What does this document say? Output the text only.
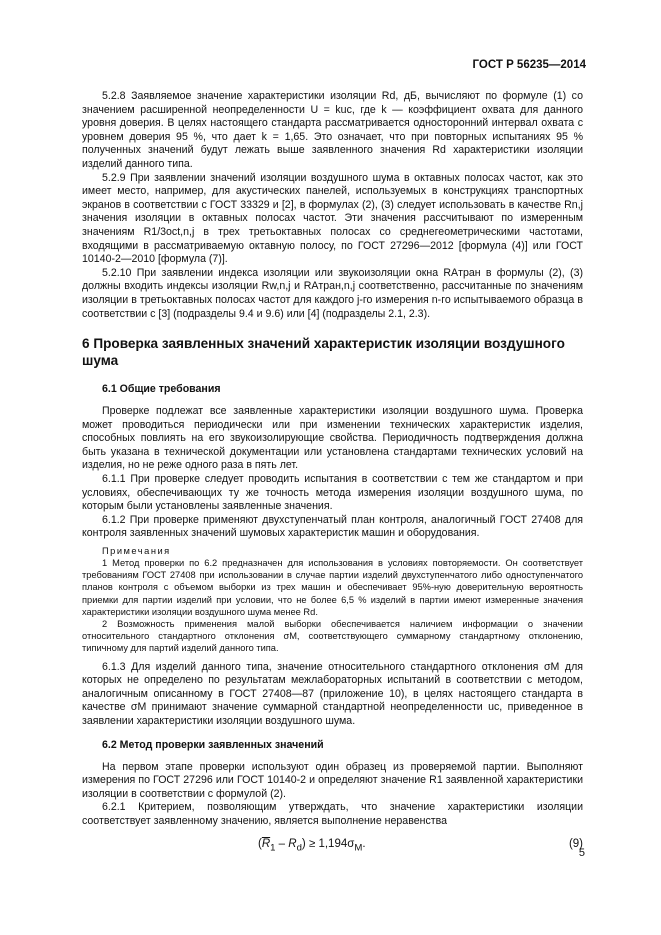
ГОСТ Р 56235—2014

5.2.8 Заявляемое значение характеристики изоляции Rd, дБ, вычисляют по формуле (1) со значением расширенной неопределенности U = kuc, где k — коэффициент охвата для данного уровня доверия. В целях настоящего стандарта рассматривается односторонний интервал охвата с уровнем доверия 95 %, что дает k = 1,65. Это означает, что при повторных испытаниях 95 % полученных значений будут лежать выше заявленного значения Rd характеристики изоляции изделий данного типа.

5.2.9 При заявлении значений изоляции воздушного шума в октавных полосах частот, как это имеет место, например, для акустических панелей, используемых в конструкциях транспортных экранов в соответствии с ГОСТ 33329 и [2], в формулах (2), (3) следует использовать в качестве Rn,j значения изоляции в октавных полосах частот. Эти значения рассчитывают по измеренным значениям R1/3oct,n,j в трех третьоктавных полосах со среднегеометрическими частотами, входящими в рассматриваемую октавную полосу, по ГОСТ 27296—2012 [формула (4)] или ГОСТ 10140-2—2010 [формула (7)].

5.2.10 При заявлении индекса изоляции или звукоизоляции окна RAтран в формулы (2), (3) должны входить индексы изоляции Rw,n,j и RAтран,n,j соответственно, рассчитанные по значениям изоляции в третьоктавных полосах частот для каждого j-го измерения n-го испытываемого образца в соответствии с [3] (подразделы 9.4 и 9.6) или [4] (подразделы 2.1, 2.3).

6 Проверка заявленных значений характеристик изоляции воздушного шума
6.1 Общие требования

Проверке подлежат все заявленные характеристики изоляции воздушного шума. Проверка может проводиться периодически или при изменении технических характеристик изделия, способных повлиять на его звукоизолирующие свойства. Периодичность подтверждения должна быть указана в технической документации или установлена стандартами технических условий на изделия, но не реже одного раза в пять лет.

6.1.1 При проверке следует проводить испытания в соответствии с тем же стандартом и при условиях, обеспечивающих ту же точность метода измерения изоляции воздушного шума, по которым были установлены заявленные значения.

6.1.2 При проверке применяют двухступенчатый план контроля, аналогичный ГОСТ 27408 для контроля заявленных значений шумовых характеристик машин и оборудования.

Примечания

1 Метод проверки по 6.2 предназначен для использования в условиях повторяемости. Он соответствует требованиям ГОСТ 27408 при использовании в случае партии изделий двухступенчатого либо одноступенчатого планов контроля с объемом выборки из трех машин и обеспечивает 95%-ную доверительную вероятность приемки для партии изделий при условии, что не более 6,5 % изделий в партии имеют измеренные значения характеристики изоляции воздушного шума менее Rd.

2 Возможность применения малой выборки обеспечивается наличием информации о значении относительного стандартного отклонения σM, соответствующего суммарному стандартному отклонению, типичному для партий изделий данного типа.

6.1.3 Для изделий данного типа, значение относительного стандартного отклонения σM для которых не определено по результатам межлабораторных испытаний в соответствии с методом, аналогичным описанному в ГОСТ 27408—87 (приложение 10), в целях настоящего стандарта в качестве σM принимают значение суммарной стандартной неопределенности uc, приведенное в заявлении характеристики изоляции воздушного шума.

6.2 Метод проверки заявленных значений

На первом этапе проверки используют один образец из проверяемой партии. Выполняют измерения по ГОСТ 27296 или ГОСТ 10140-2 и определяют значение R1 заявленной характеристики изоляции в соответствии с формулой (2).

6.2.1 Критерием, позволяющим утверждать, что значение характеристики изоляции соответствует заявленному значению, является выполнение неравенства

$(\overline{R}_1 - R_d) \ge 1,194\sigma_M$.	(9)
5
